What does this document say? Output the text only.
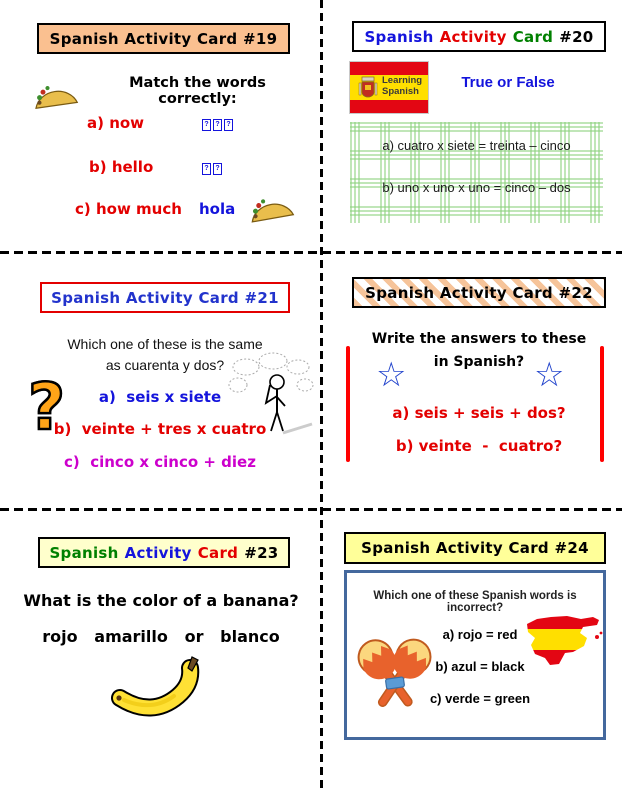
Spanish Activity Card #19
Match the words correctly:
a) now	? ? ?
b) hello	? ?
c) how much hola
Spanish Activity Card #20
Learning
Spanish
True or False
a) cuatro x siete = treinta – cinco
b) uno x uno x uno = cinco – dos
Spanish Activity Card #21
Which one of these is the same
as cuarenta y dos?
?	a)  seis x siete
b)  veinte + tres x cuatro
c)  cinco x cinco + diez
Spanish Activity Card #22
Write the answers to these
in Spanish?
☆	☆
a) seis + seis + dos?
b) veinte  -  cuatro?
Spanish Activity Card #23
What is the color of a banana?
rojo   amarillo   or   blanco
Spanish Activity Card #24
Which one of these Spanish words is incorrect?
a) rojo = red
b) azul = black
c) verde = green
